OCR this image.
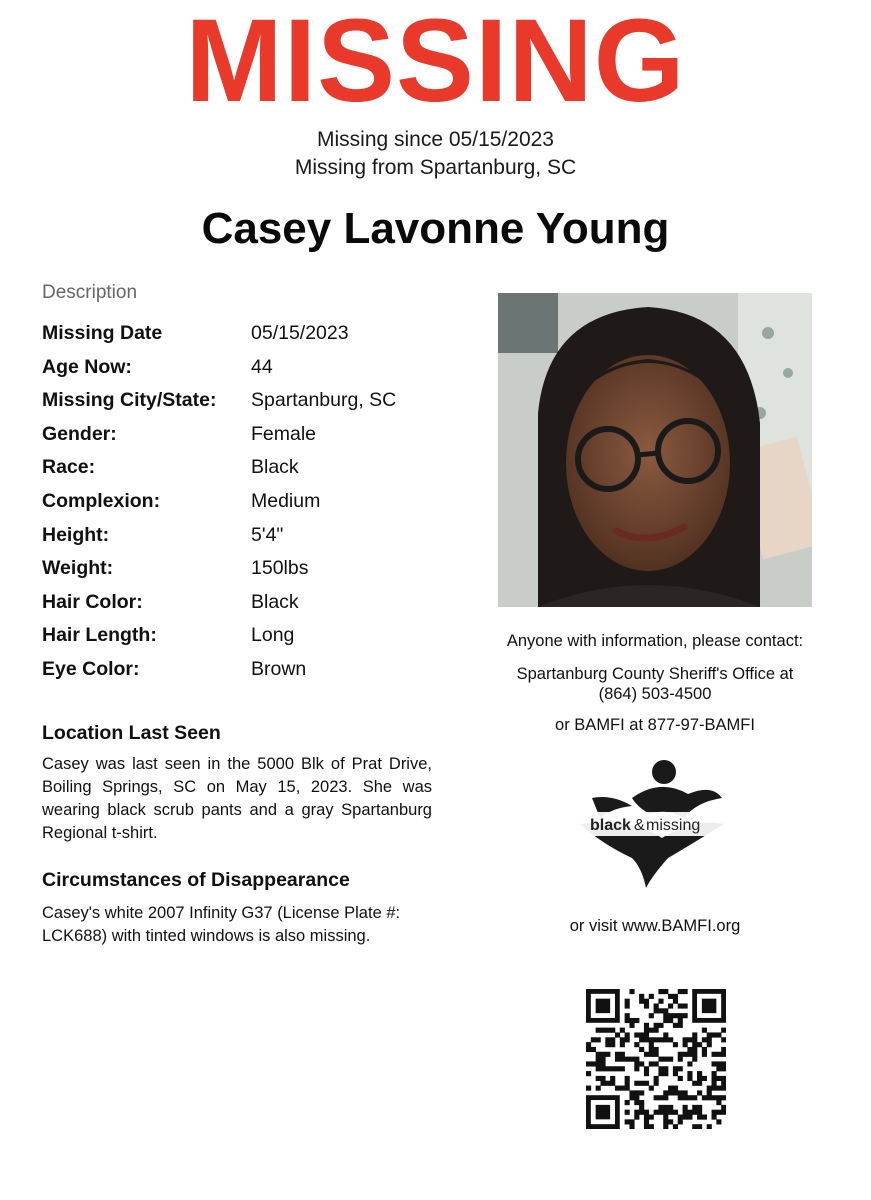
MISSING
Missing since 05/15/2023
Missing from Spartanburg, SC
Casey Lavonne Young
Description
Missing Date	05/15/2023
Age Now:	44
Missing City/State: Spartanburg, SC
Gender:	Female
Race:	Black
Complexion:	Medium
Height:	5'4"
Weight:	150lbs
Hair Color:	Black
Hair Length:	Long
Eye Color:	Brown
Location Last Seen
Casey was last seen in the 5000 Blk of Prat Drive, Boiling Springs, SC on May 15, 2023. She was wearing black scrub pants and a gray Spartanburg Regional t-shirt.
Circumstances of Disappearance
Casey's white 2007 Infinity G37 (License Plate #: LCK688) with tinted windows is also missing.
Anyone with information, please contact:
Spartanburg County Sheriff's Office at
(864) 503-4500
or BAMFI at 877-97-BAMFI
black & missing
or visit www.BAMFI.org
